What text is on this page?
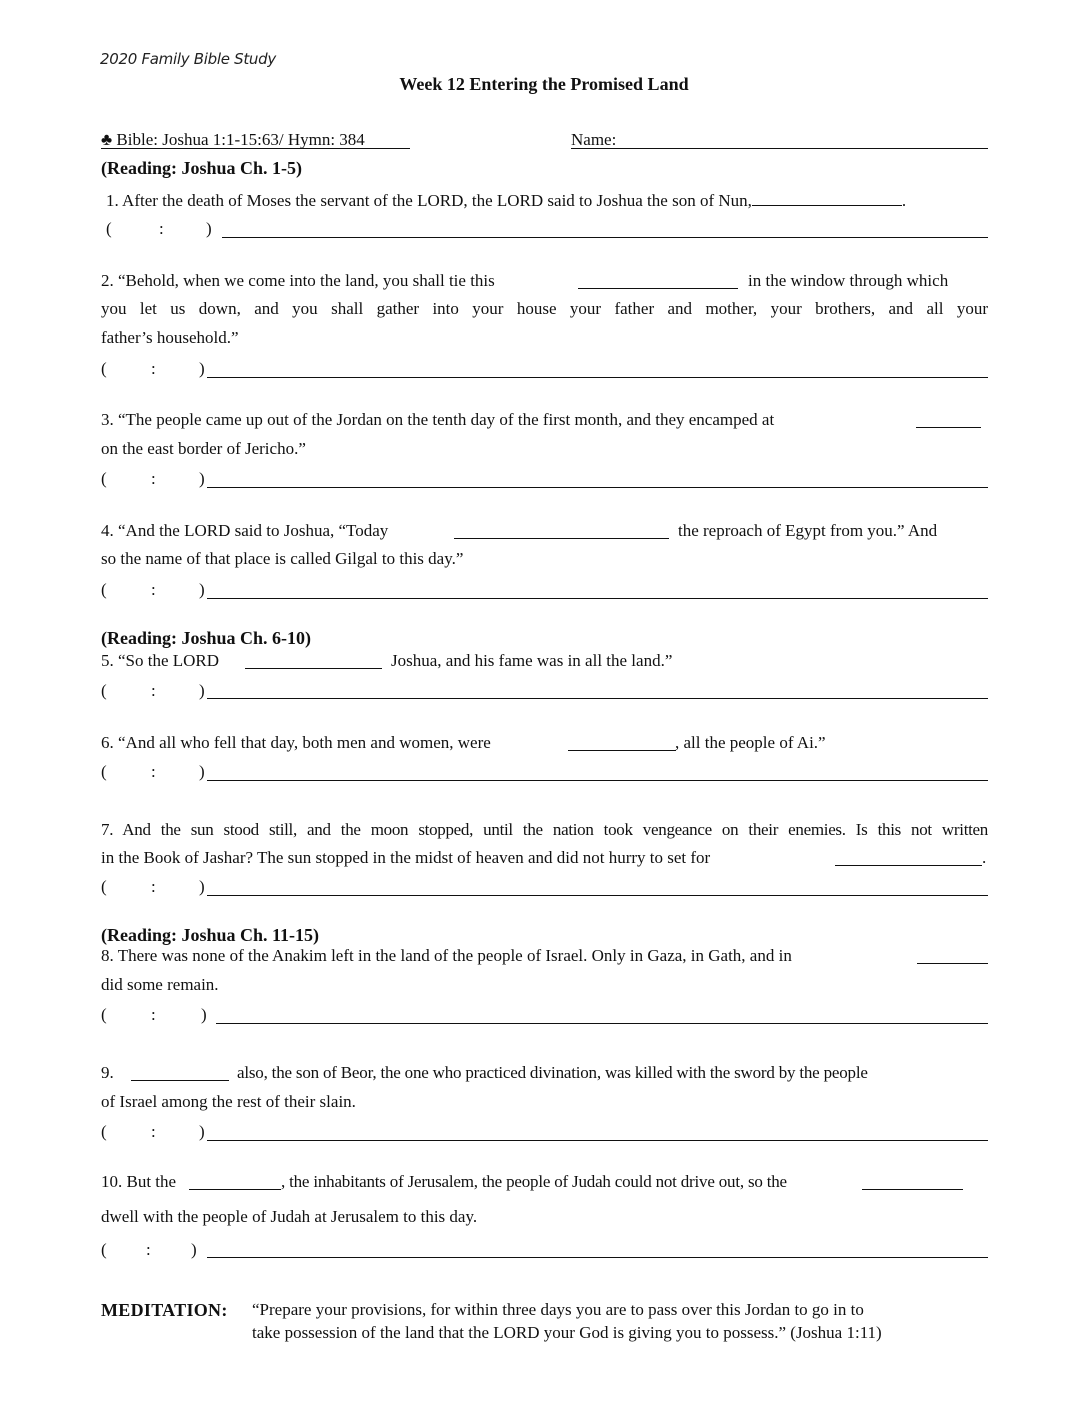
2020 Family Bible Study
Week 12 Entering the Promised Land
♣ Bible: Joshua 1:1-15:63/ Hymn: 384	Name:
(Reading: Joshua Ch. 1-5)
1. After the death of Moses the servant of the LORD, the LORD said to Joshua the son of Nun,	.
(	: )
2. “Behold, when we come into the land, you shall tie this	in the window through which
you let us down, and you shall gather into your house your father and mother, your brothers, and all your
father’s household.”
(	:	)
3. “The people came up out of the Jordan on the tenth day of the first month, and they encamped at
on the east border of Jericho.”
(	:	)
4. “And the LORD said to Joshua, “Today	the reproach of Egypt from you.” And
so the name of that place is called Gilgal to this day.”
(	:	)
(Reading: Joshua Ch. 6-10)
5. “So the LORD	Joshua, and his fame was in all the land.”
(	:	)
6. “And all who fell that day, both men and women, were	, all the people of Ai.”
(	:	)
7. And the sun stood still, and the moon stopped, until the nation took vengeance on their enemies. Is this not written
in the Book of Jashar? The sun stopped in the midst of heaven and did not hurry to set for	.
(	:	)
(Reading: Joshua Ch. 11-15)
8. There was none of the Anakim left in the land of the people of Israel. Only in Gaza, in Gath, and in
did some remain.
(	:	)
9.	also, the son of Beor, the one who practiced divination, was killed with the sword by the people
of Israel among the rest of their slain.
(	:	)
10. But the	, the inhabitants of Jerusalem, the people of Judah could not drive out, so the
dwell with the people of Judah at Jerusalem to this day.
( : )
MEDITATION: “Prepare your provisions, for within three days you are to pass over this Jordan to go in to
take possession of the land that the LORD your God is giving you to possess.” (Joshua 1:11)
